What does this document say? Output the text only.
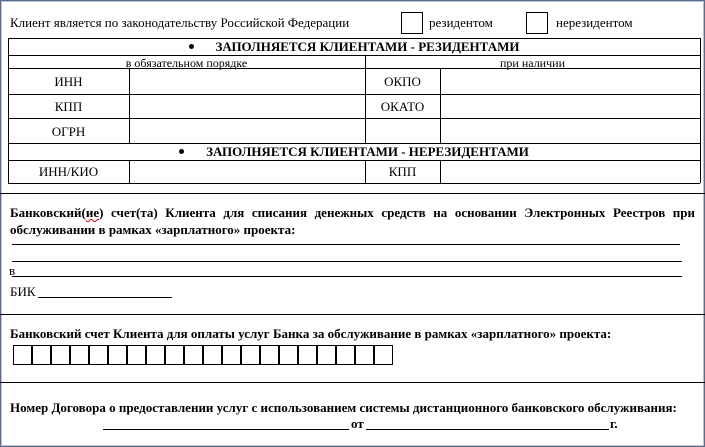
Клиент является по законодательству Российской Федерации	резидентом	нерезидентом
ЗАПОЛНЯЕТСЯ КЛИЕНТАМИ - РЕЗИДЕНТАМИ
в обязательном порядке	при наличии
ИНН	ОКПО
КПП	ОКАТО
ОГРН
ЗАПОЛНЯЕТСЯ КЛИЕНТАМИ - НЕРЕЗИДЕНТАМИ
ИНН/КИО	КПП
Банковский(ие) счет(та) Клиента для списания денежных средств на основании Электронных Реестров при обслуживании в рамках «зарплатного» проекта:
в
БИК
Банковский счет Клиента для оплаты услуг Банка за обслуживание в рамках «зарплатного» проекта:
Номер Договора о предоставлении услуг с использованием системы дистанционного банковского обслуживания:
от	г.
